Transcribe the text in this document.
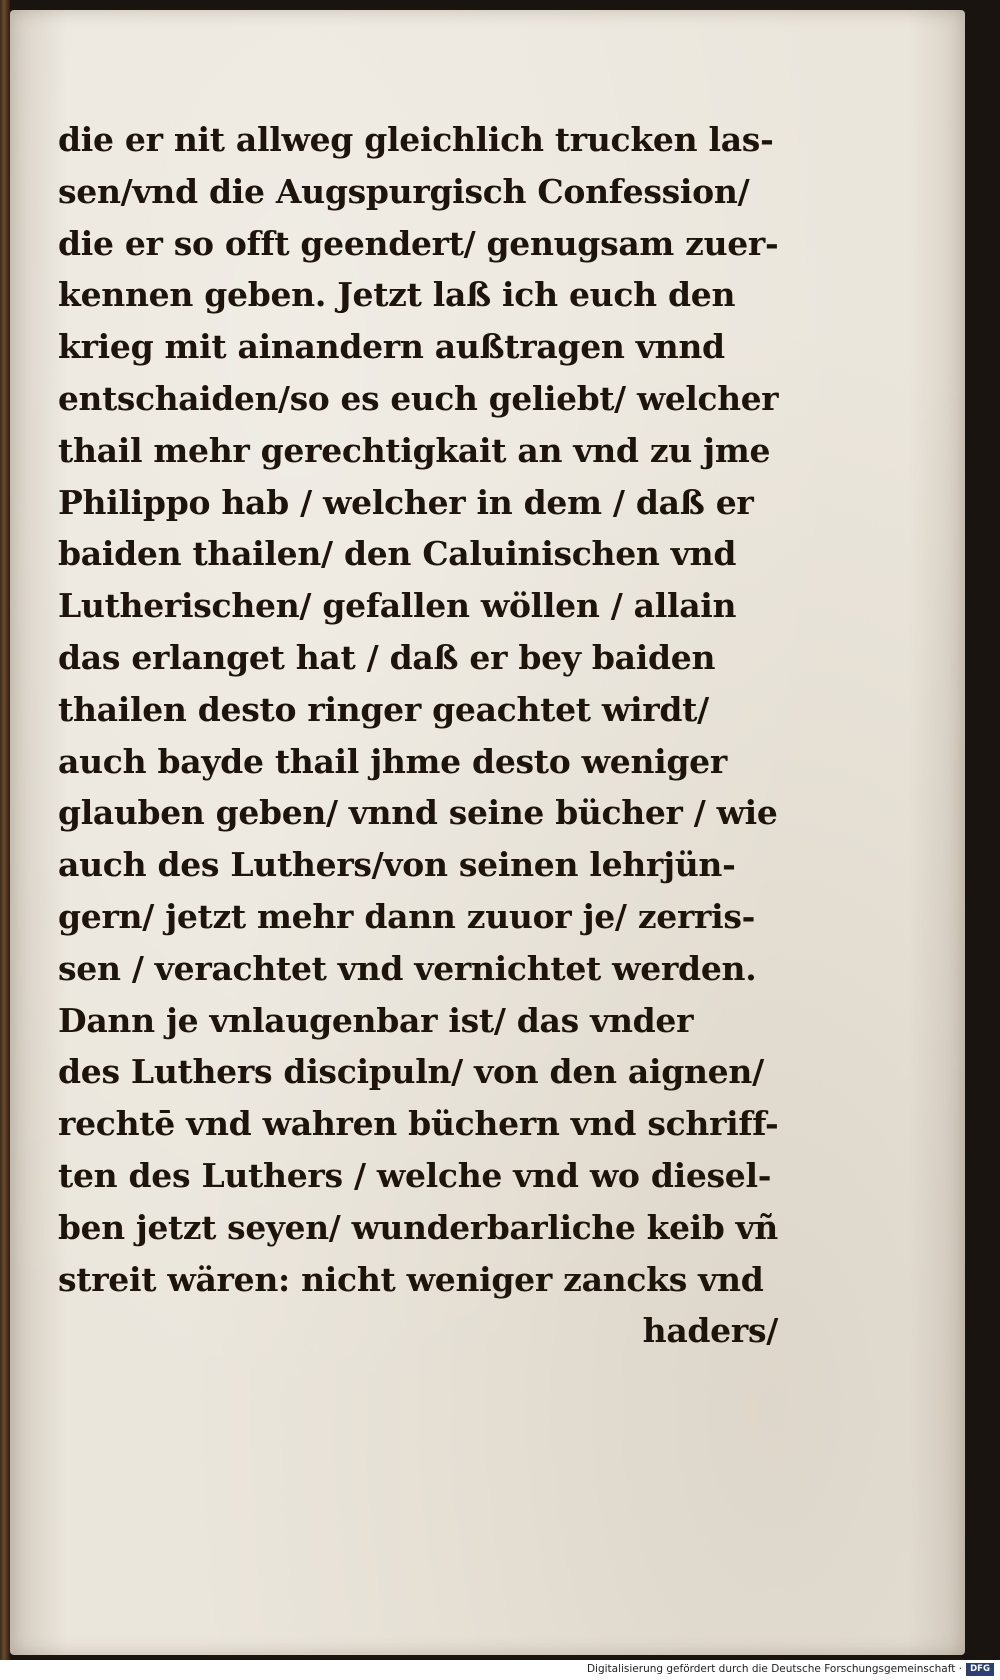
die er nit allweg gleichlich trucken las-
sen/vnd die Augspurgisch Confession/
die er so offt geendert/ genugsam zuer-
kennen geben. Jetzt laß ich euch den
krieg mit ainandern außtragen vnnd
entschaiden/so es euch geliebt/ welcher
thail mehr gerechtigkait an vnd zu jme
Philippo hab / welcher in dem / daß er
baiden thailen/ den Caluinischen vnd
Lutherischen/ gefallen wöllen / allain
das erlanget hat / daß er bey baiden
thailen desto ringer geachtet wirdt/
auch bayde thail jhme desto weniger
glauben geben/ vnnd seine bücher / wie
auch des Luthers/von seinen lehrjün-
gern/ jetzt mehr dann zuuor je/ zerris-
sen / verachtet vnd vernichtet werden.
Dann je vnlaugenbar ist/ das vnder
des Luthers discipuln/ von den aignen/
rechtē vnd wahren büchern vnd schriff-
ten des Luthers / welche vnd wo diesel-
ben jetzt seyen/ wunderbarliche keib vñ
streit wären: nicht weniger zancks vnd
haders/
Digitalisierung gefördert durch die Deutsche Forschungsgemeinschaft · DFG
